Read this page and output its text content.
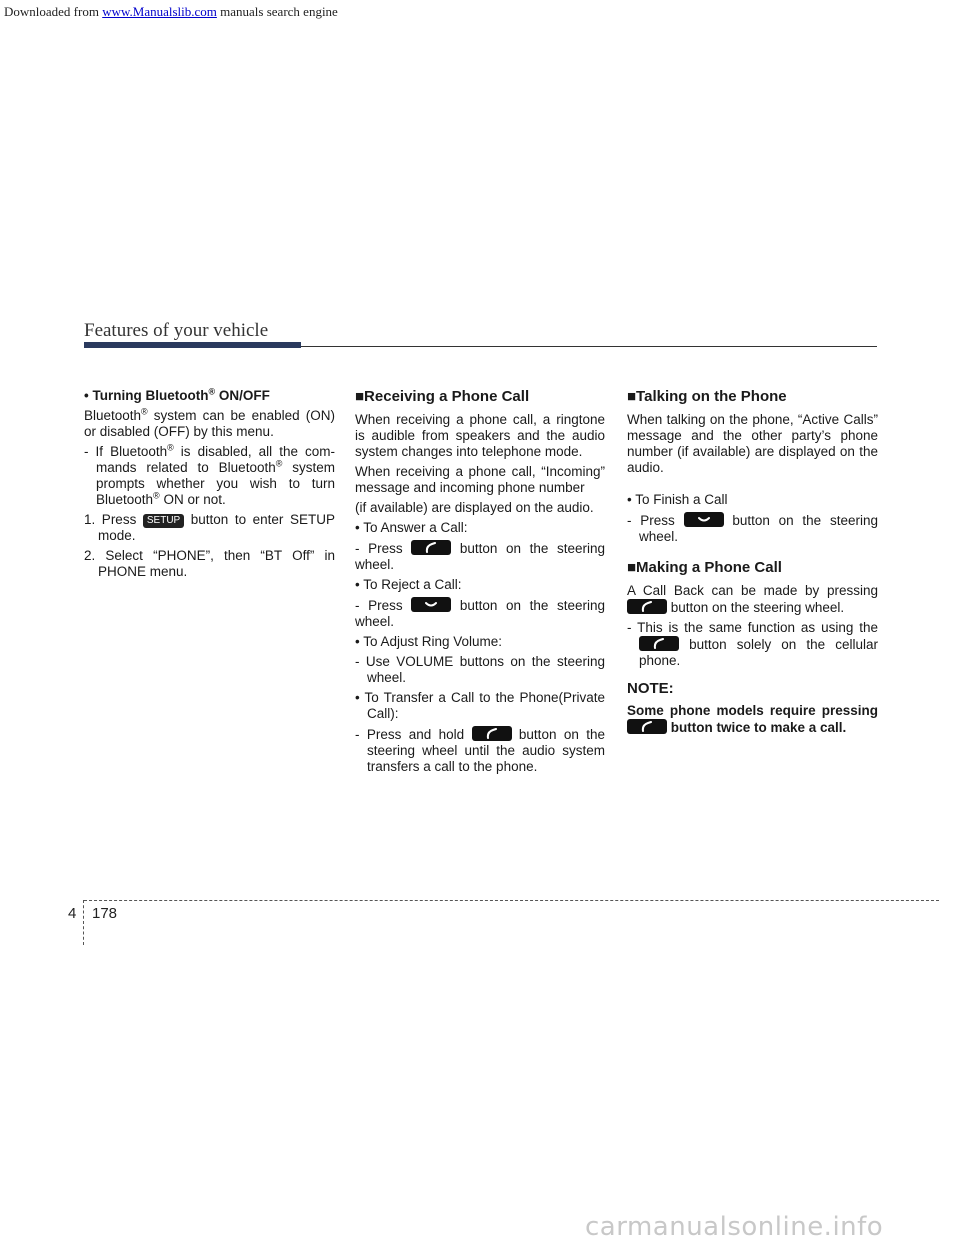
Downloaded from www.Manualslib.com manuals search engine
Features of your vehicle

• Turning Bluetooth® ON/OFF

Bluetooth® system can be enabled (ON) or disabled (OFF) by this menu.

- If Bluetooth® is disabled, all the com-mands related to Bluetooth® system prompts whether you wish to turn Bluetooth® ON or not.

1. Press SETUP button to enter SETUP mode.

2. Select “PHONE”, then “BT Off” in PHONE menu.

■Receiving a Phone Call

When receiving a phone call, a ringtone is audible from speakers and the audio system changes into telephone mode.

When receiving a phone call, “Incoming” message and incoming phone number

(if available) are displayed on the audio.

• To Answer a Call:

- Press	button on the steering wheel.

• To Reject a Call:

- Press	button on the steering wheel.

• To Adjust Ring Volume:

- Use VOLUME buttons on the steering wheel.

• To Transfer a Call to the Phone(Private Call):

- Press and hold	button on the steering wheel until the audio system transfers a call to the phone.

■Talking on the Phone

When talking on the phone, “Active Calls” message and the other party’s phone number (if available) are displayed on the audio.

• To Finish a Call

- Press	button on the steering wheel.

■Making a Phone Call

A Call Back can be made by pressing
button on the steering wheel.

- This is the same function as using the
button solely on the cellular phone.

NOTE:

Some phone models require pressing
button twice to make a call.

4 178
carmanualsonline.info
